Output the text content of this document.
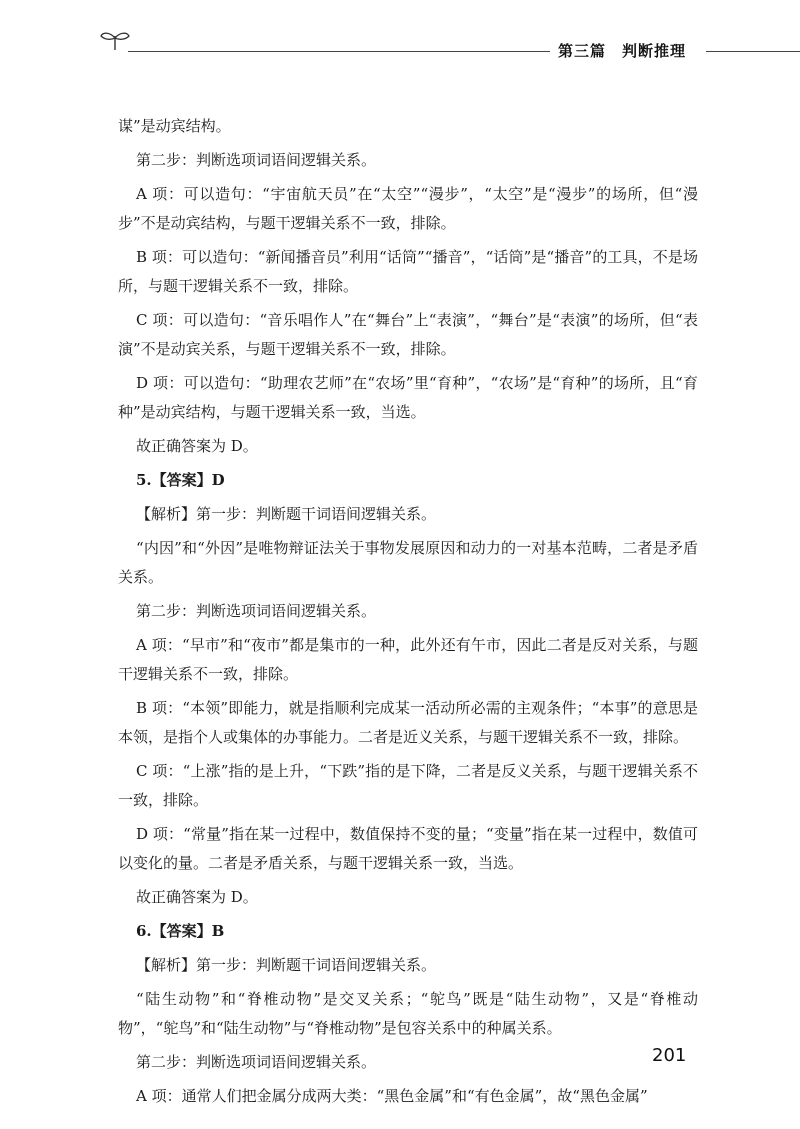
第三篇　判断推理

谋”是动宾结构。

第二步：判断选项词语间逻辑关系。

A 项：可以造句：“宇宙航天员”在“太空”“漫步”，“太空”是“漫步”的场所，但“漫步”不是动宾结构，与题干逻辑关系不一致，排除。

B 项：可以造句：“新闻播音员”利用“话筒”“播音”，“话筒”是“播音”的工具，不是场所，与题干逻辑关系不一致，排除。

C 项：可以造句：“音乐唱作人”在“舞台”上“表演”，“舞台”是“表演”的场所，但“表演”不是动宾关系，与题干逻辑关系不一致，排除。

D 项：可以造句：“助理农艺师”在“农场”里“育种”，“农场”是“育种”的场所，且“育种”是动宾结构，与题干逻辑关系一致，当选。

故正确答案为 D。

5.【答案】D

【解析】第一步：判断题干词语间逻辑关系。

“内因”和“外因”是唯物辩证法关于事物发展原因和动力的一对基本范畴，二者是矛盾关系。

第二步：判断选项词语间逻辑关系。

A 项：“早市”和“夜市”都是集市的一种，此外还有午市，因此二者是反对关系，与题干逻辑关系不一致，排除。

B 项：“本领”即能力，就是指顺利完成某一活动所必需的主观条件；“本事”的意思是本领，是指个人或集体的办事能力。二者是近义关系，与题干逻辑关系不一致，排除。

C 项：“上涨”指的是上升，“下跌”指的是下降，二者是反义关系，与题干逻辑关系不一致，排除。

D 项：“常量”指在某一过程中，数值保持不变的量；“变量”指在某一过程中，数值可以变化的量。二者是矛盾关系，与题干逻辑关系一致，当选。

故正确答案为 D。

6.【答案】B

【解析】第一步：判断题干词语间逻辑关系。

“陆生动物”和“脊椎动物”是交叉关系；“鸵鸟”既是“陆生动物”，又是“脊椎动物”，“鸵鸟”和“陆生动物”与“脊椎动物”是包容关系中的种属关系。

第二步：判断选项词语间逻辑关系。

A 项：通常人们把金属分成两大类：“黑色金属”和“有色金属”，故“黑色金属”

201
